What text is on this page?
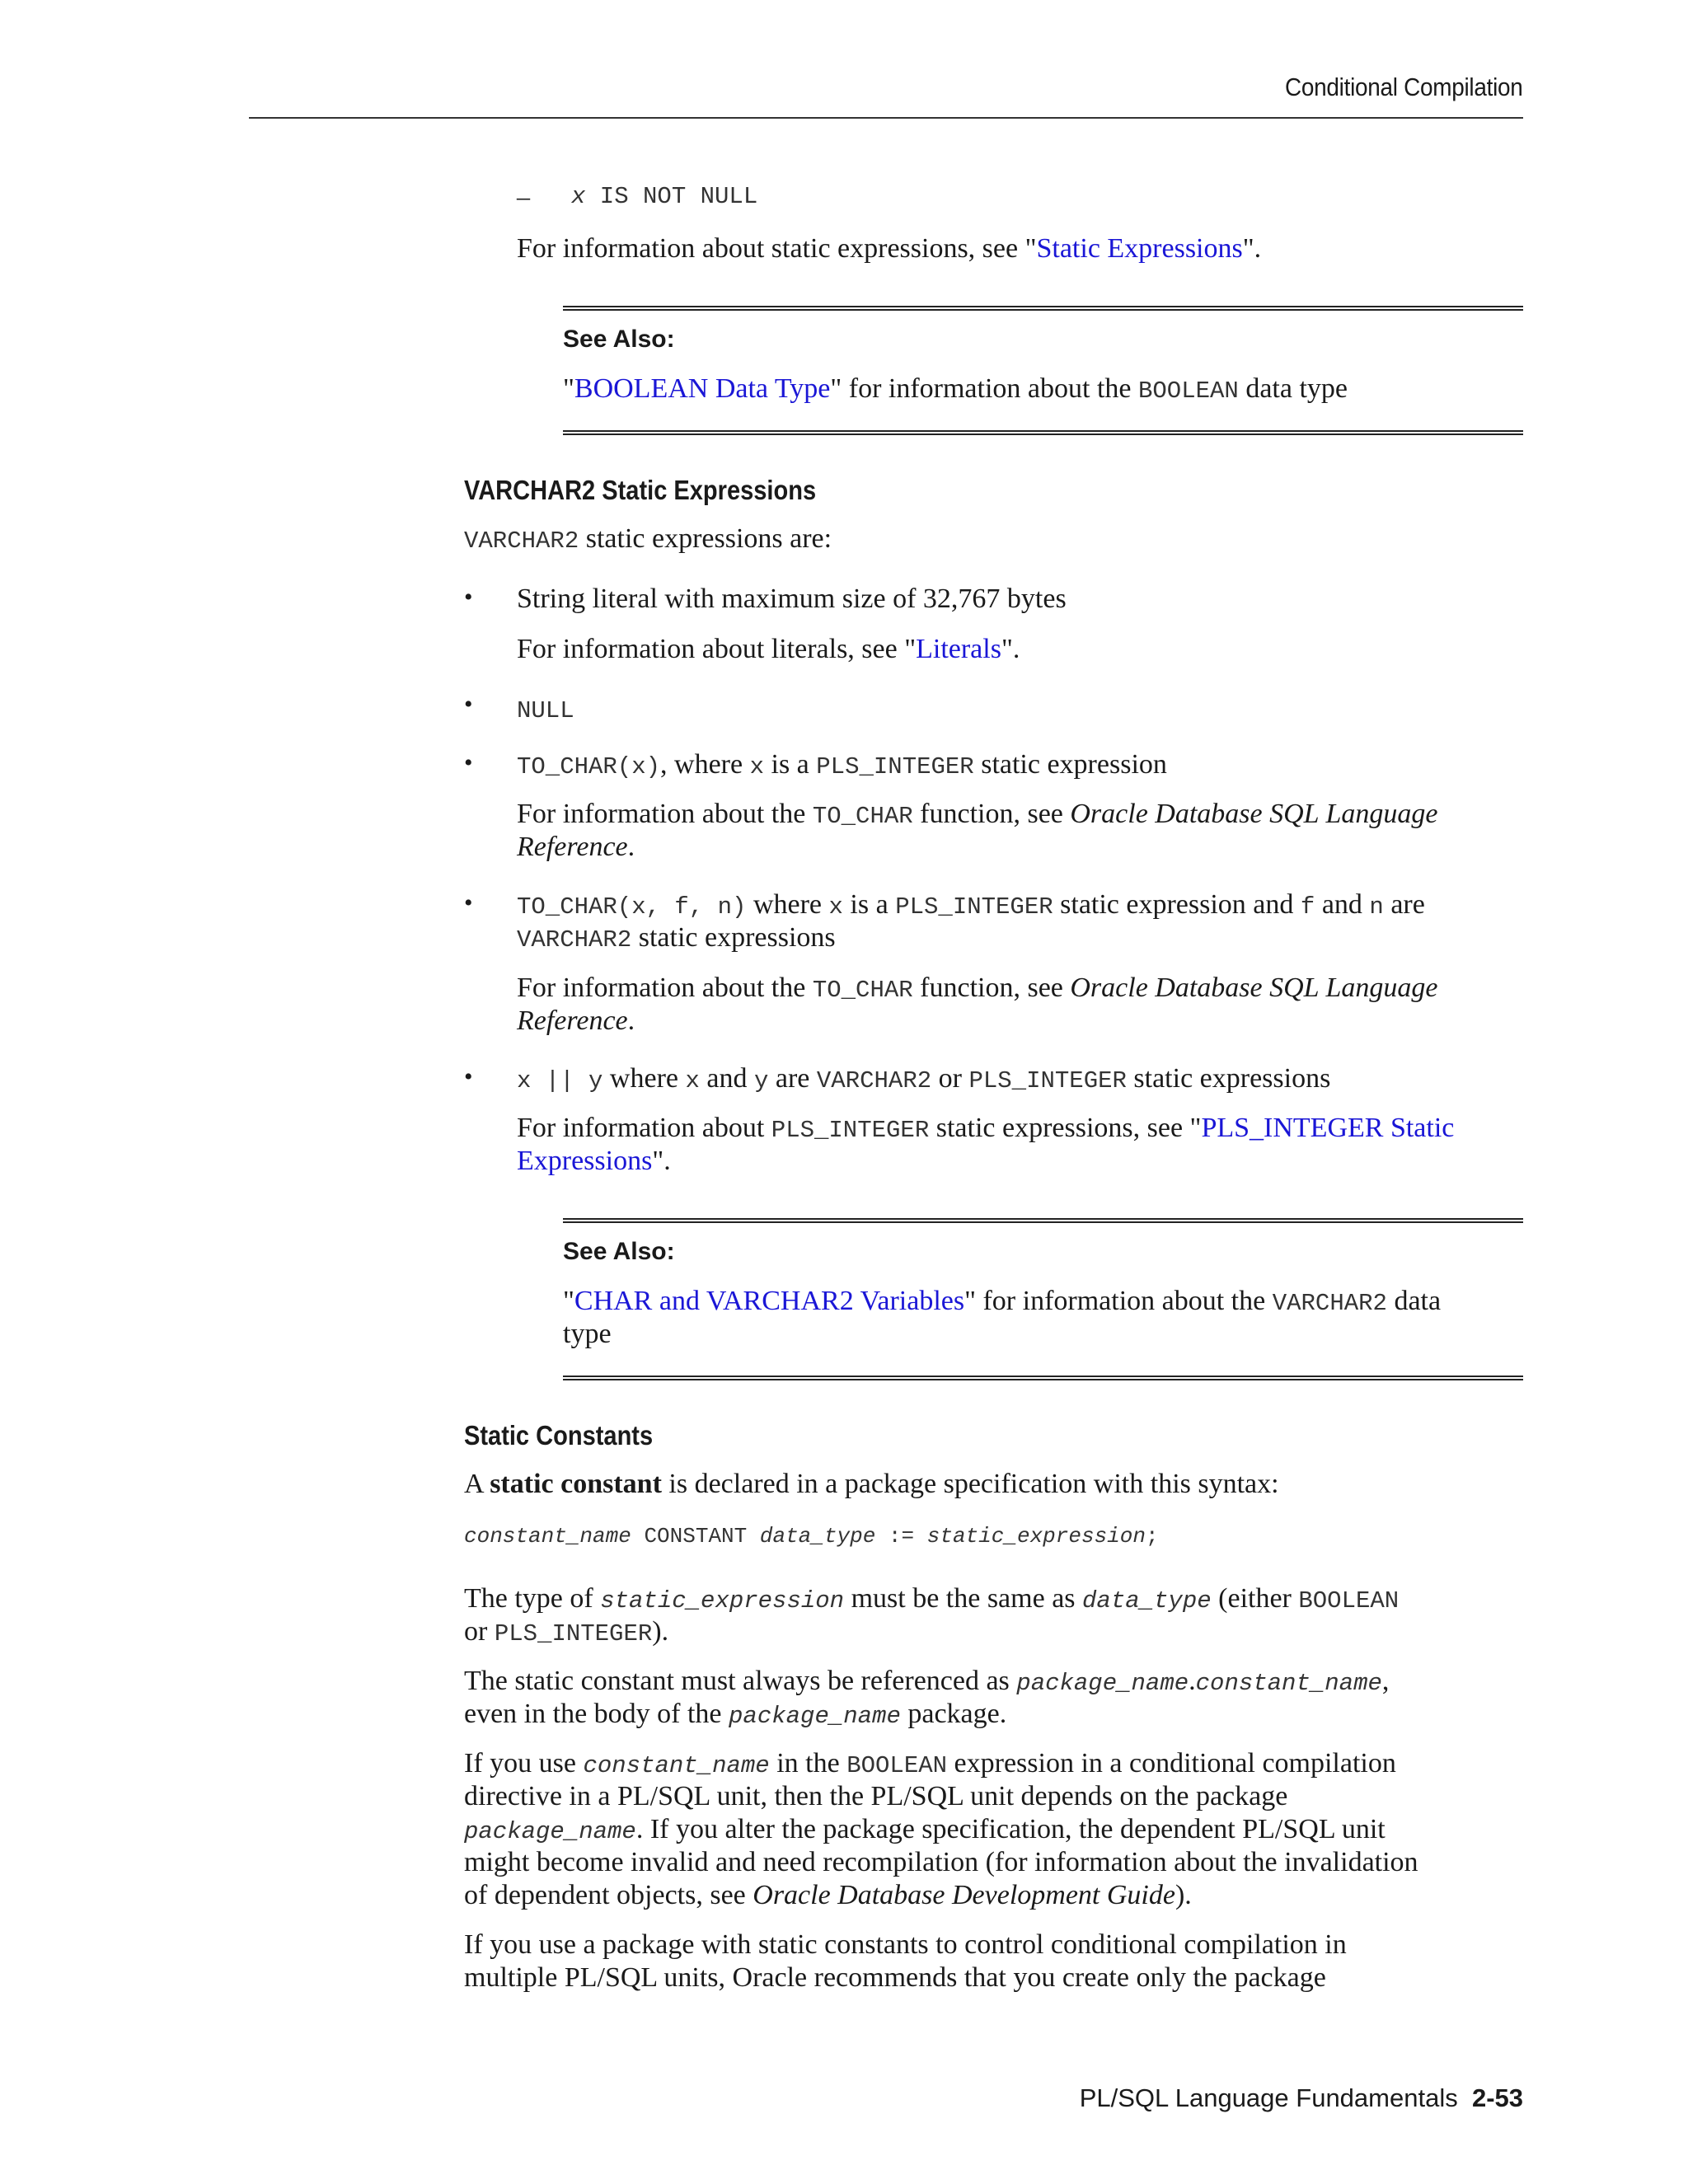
Conditional Compilation
– x IS NOT NULL
For information about static expressions, see "Static Expressions".
See Also:
"BOOLEAN Data Type" for information about the BOOLEAN data type
VARCHAR2 Static Expressions
VARCHAR2 static expressions are:
• String literal with maximum size of 32,767 bytes
For information about literals, see "Literals".
• NULL
• TO_CHAR(x), where x is a PLS_INTEGER static expression
For information about the TO_CHAR function, see Oracle Database SQL Language
Reference.
• TO_CHAR(x, f, n) where x is a PLS_INTEGER static expression and f and n are
VARCHAR2 static expressions
For information about the TO_CHAR function, see Oracle Database SQL Language
Reference.
• x || y where x and y are VARCHAR2 or PLS_INTEGER static expressions
For information about PLS_INTEGER static expressions, see "PLS_INTEGER Static
Expressions".
See Also:
"CHAR and VARCHAR2 Variables" for information about the VARCHAR2 data
type
Static Constants
A static constant is declared in a package specification with this syntax:
constant_name CONSTANT data_type := static_expression;
The type of static_expression must be the same as data_type (either BOOLEAN
or PLS_INTEGER).
The static constant must always be referenced as package_name.constant_name,
even in the body of the package_name package.
If you use constant_name in the BOOLEAN expression in a conditional compilation
directive in a PL/SQL unit, then the PL/SQL unit depends on the package
package_name. If you alter the package specification, the dependent PL/SQL unit
might become invalid and need recompilation (for information about the invalidation
of dependent objects, see Oracle Database Development Guide).
If you use a package with static constants to control conditional compilation in
multiple PL/SQL units, Oracle recommends that you create only the package
PL/SQL Language Fundamentals 2-53
